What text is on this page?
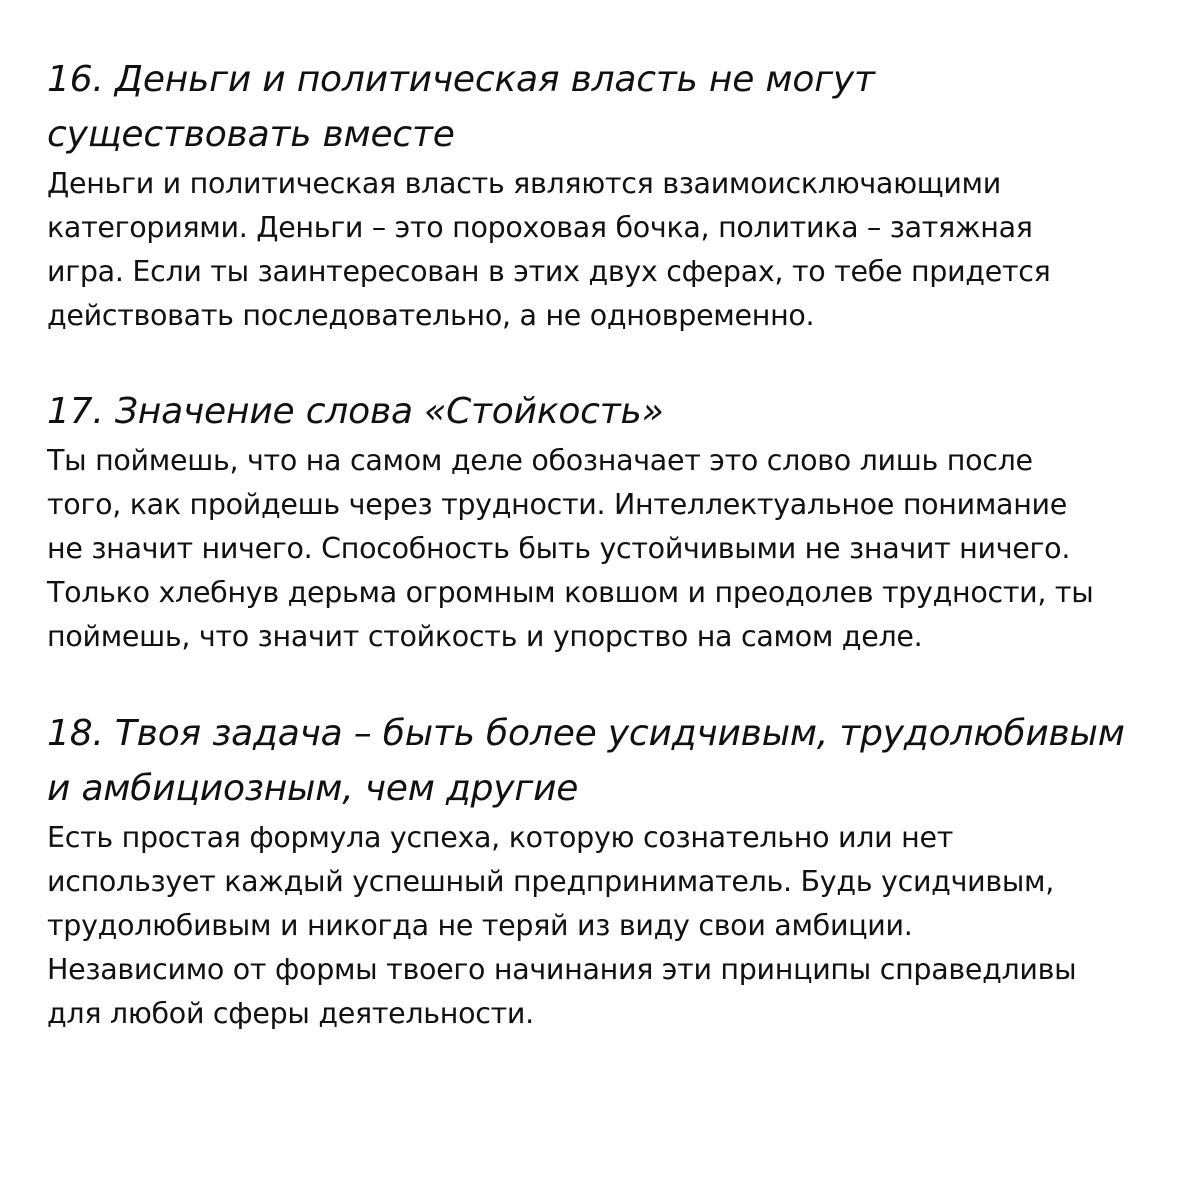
16. Деньги и политическая власть не могут
существовать вместе

Деньги и политическая власть являются взаимоисключающими
категориями. Деньги – это пороховая бочка, политика – затяжная
игра. Если ты заинтересован в этих двух сферах, то тебе придется
действовать последовательно, а не одновременно.

17. Значение слова «Стойкость»

Ты поймешь, что на самом деле обозначает это слово лишь после
того, как пройдешь через трудности. Интеллектуальное понимание
не значит ничего. Способность быть устойчивыми не значит ничего.
Только хлебнув дерьма огромным ковшом и преодолев трудности, ты
поймешь, что значит стойкость и упорство на самом деле.

18. Твоя задача – быть более усидчивым, трудолюбивым
и амбициозным, чем другие

Есть простая формула успеха, которую сознательно или нет
использует каждый успешный предприниматель. Будь усидчивым,
трудолюбивым и никогда не теряй из виду свои амбиции.
Независимо от формы твоего начинания эти принципы справедливы
для любой сферы деятельности.
